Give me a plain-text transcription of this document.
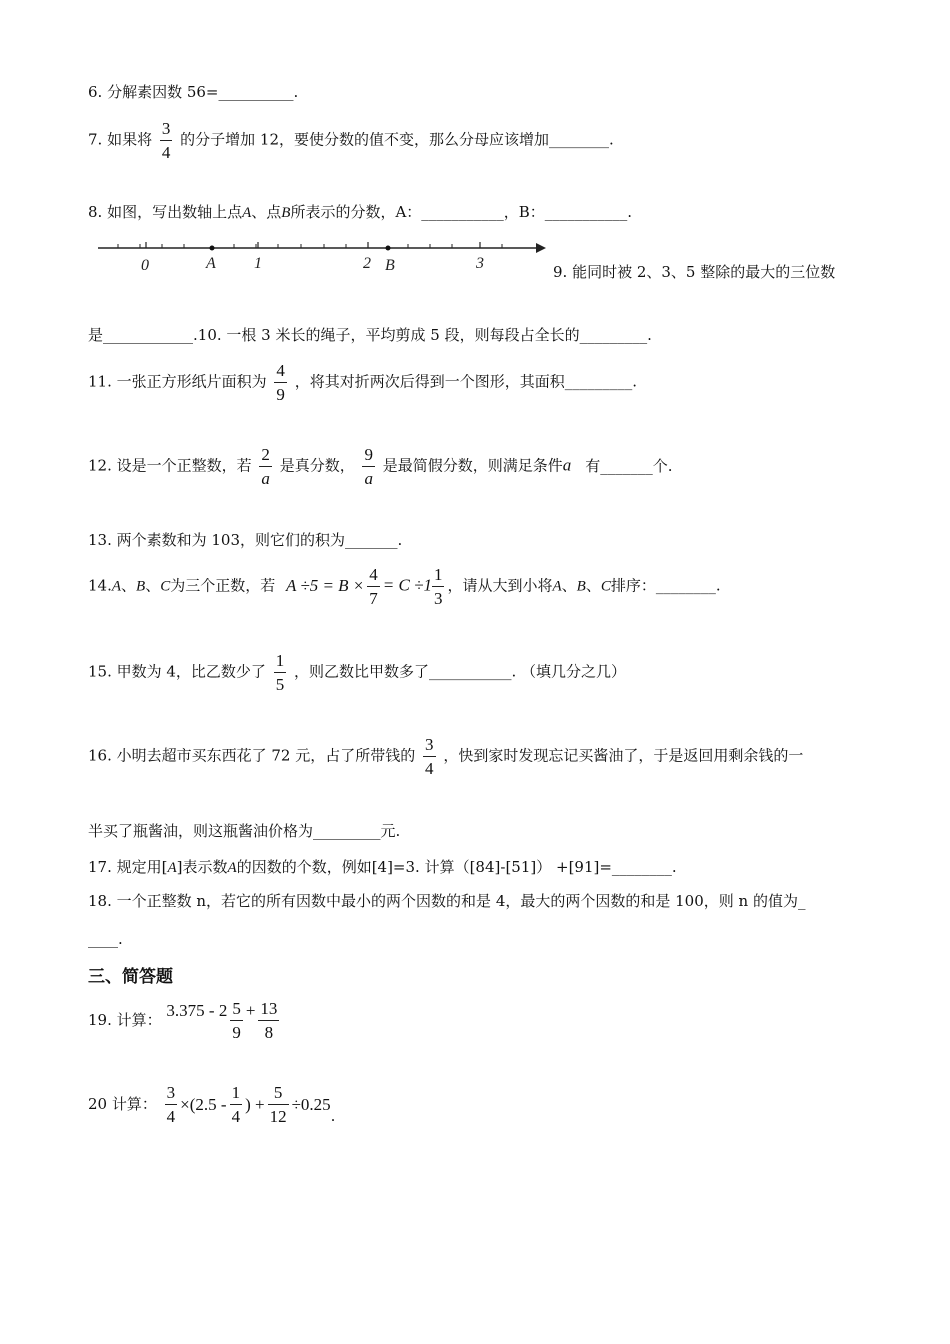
6. 分解素因数 56=__________.
7. 如果将 $\frac{3}{4}$ 的分子增加 12，要使分数的值不变，那么分母应该增加________.
8. 如图，写出数轴上点A、点B所表示的分数，A：___________，B：___________.
0	A 1	2 B	3	9. 能同时被 2、3、5 整除的最大的三位数
是____________.10. 一根 3 米长的绳子，平均剪成 5 段，则每段占全长的_________.
11. 一张正方形纸片面积为 $\frac{4}{9}$ ，将其对折两次后得到一个图形，其面积_________.
12. 设是一个正整数，若 $\frac{2}{a}$ 是真分数， $\frac{9}{a}$ 是最简假分数，则满足条件a 有_______个.
13. 两个素数和为 103，则它们的积为_______.
14.A、B、C为三个正数，若 $A \div 5 = B \times \frac{4}{7} = C \div 1 \frac{1}{3}$ ，请从大到小将A、B、C排序：________.
15. 甲数为 4，比乙数少了 $\frac{1}{5}$ ，则乙数比甲数多了___________. （填几分之几）
16. 小明去超市买东西花了 72 元，占了所带钱的 $\frac{3}{4}$ ，快到家时发现忘记买酱油了，于是返回用剩余钱的一
半买了瓶酱油，则这瓶酱油价格为_________元.
17. 规定用[A]表示数A的因数的个数，例如[4]=3. 计算（[84]-[51]） +[91]=________.
18. 一个正整数 n，若它的所有因数中最小的两个因数的和是 4，最大的两个因数的和是 100，则 n 的值为_
____.
三、简答题
19. 计算： $3.375 - 2 \frac{5}{9} + \frac{13}{8}$
20 计算： $\frac{3}{4} \times(2.5 - \frac{1}{4}$ ) + $\frac{5}{12} \div 0.25$.
